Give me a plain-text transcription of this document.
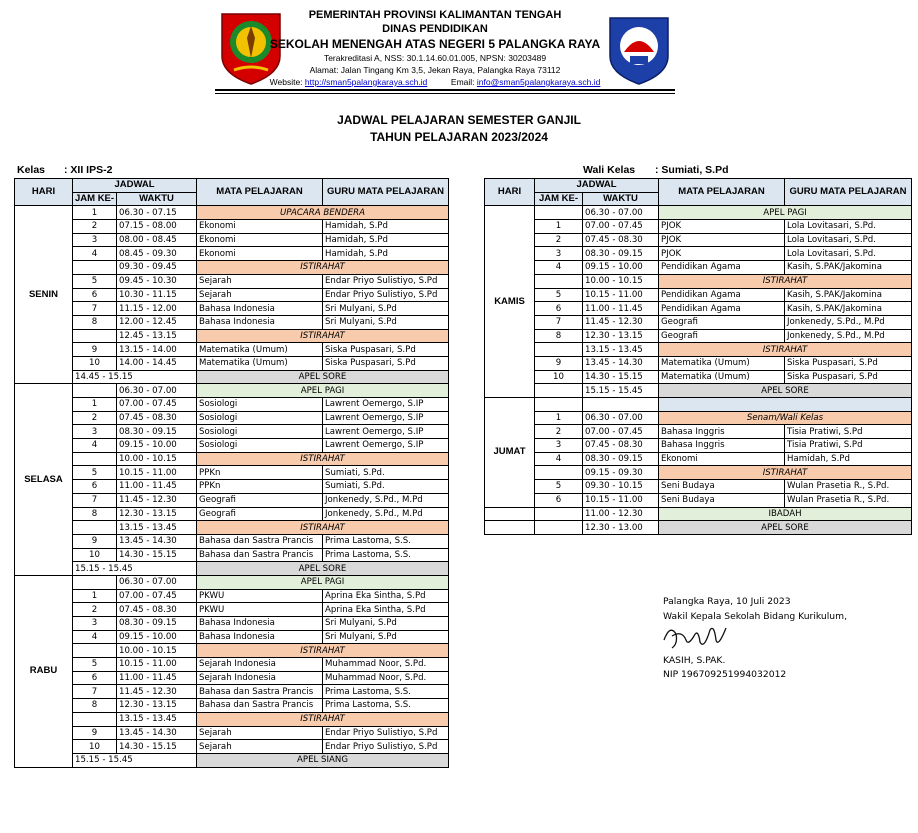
PEMERINTAH PROVINSI KALIMANTAN TENGAH
DINAS PENDIDIKAN
SEKOLAH MENENGAH ATAS NEGERI 5 PALANGKA RAYA
Terakreditasi A, NSS: 30.1.14.60.01.005, NPSN: 30203489
Alamat: Jalan Tingang Km 3,5, Jekan Raya, Palangka Raya 73112
Website: http://sman5palangkaraya.sch.id	Email: info@sman5palangkaraya.sch.id
JADWAL PELAJARAN SEMESTER GANJIL
TAHUN PELAJARAN 2023/2024
Kelas : XII IPS-2	Wali Kelas : Sumiati, S.Pd
HARI	JADWAL		MATA PELAJARAN	GURU MATA PELAJARAN
	JAM KE-	WAKTU		
SENIN	1	06.30 - 07.15	UPACARA BENDERA	
	2	07.15 - 08.00	Ekonomi	Hamidah, S.Pd
	3	08.00 - 08.45	Ekonomi	Hamidah, S.Pd
	4	08.45 - 09.30	Ekonomi	Hamidah, S.Pd
		09.30 - 09.45	ISTIRAHAT	
	5	09.45 - 10.30	Sejarah	Endar Priyo Sulistiyo, S.Pd
	6	10.30 - 11.15	Sejarah	Endar Priyo Sulistiyo, S.Pd
	7	11.15 - 12.00	Bahasa Indonesia	Sri Mulyani, S.Pd
	8	12.00 - 12.45	Bahasa Indonesia	Sri Mulyani, S.Pd
		12.45 - 13.15	ISTIRAHAT	
	9	13.15 - 14.00	Matematika (Umum)	Siska Puspasari, S.Pd
	10	14.00 - 14.45	Matematika (Umum)	Siska Puspasari, S.Pd
	14.45 - 15.15		APEL SORE	
SELASA		06.30 - 07.00	APEL PAGI	
	1	07.00 - 07.45	Sosiologi	Lawrent Oemergo, S.IP
	2	07.45 - 08.30	Sosiologi	Lawrent Oemergo, S.IP
	3	08.30 - 09.15	Sosiologi	Lawrent Oemergo, S.IP
	4	09.15 - 10.00	Sosiologi	Lawrent Oemergo, S.IP
		10.00 - 10.15	ISTIRAHAT	
	5	10.15 - 11.00	PPKn	Sumiati, S.Pd.
	6	11.00 - 11.45	PPKn	Sumiati, S.Pd.
	7	11.45 - 12.30	Geografi	Jonkenedy, S.Pd., M.Pd
	8	12.30 - 13.15	Geografi	Jonkenedy, S.Pd., M.Pd
		13.15 - 13.45	ISTIRAHAT	
	9	13.45 - 14.30	Bahasa dan Sastra Prancis	Prima Lastoma, S.S.
	10	14.30 - 15.15	Bahasa dan Sastra Prancis	Prima Lastoma, S.S.
	15.15 - 15.45		APEL SORE	
RABU		06.30 - 07.00	APEL PAGI	
	1	07.00 - 07.45	PKWU	Aprina Eka Sintha, S.Pd
	2	07.45 - 08.30	PKWU	Aprina Eka Sintha, S.Pd
	3	08.30 - 09.15	Bahasa Indonesia	Sri Mulyani, S.Pd
	4	09.15 - 10.00	Bahasa Indonesia	Sri Mulyani, S.Pd
		10.00 - 10.15	ISTIRAHAT	
	5	10.15 - 11.00	Sejarah Indonesia	Muhammad Noor, S.Pd.
	6	11.00 - 11.45	Sejarah Indonesia	Muhammad Noor, S.Pd.
	7	11.45 - 12.30	Bahasa dan Sastra Prancis	Prima Lastoma, S.S.
	8	12.30 - 13.15	Bahasa dan Sastra Prancis	Prima Lastoma, S.S.
		13.15 - 13.45	ISTIRAHAT	
	9	13.45 - 14.30	Sejarah	Endar Priyo Sulistiyo, S.Pd
	10	14.30 - 15.15	Sejarah	Endar Priyo Sulistiyo, S.Pd
	15.15 - 15.45		APEL SIANG	
HARI	JADWAL		MATA PELAJARAN	GURU MATA PELAJARAN
	JAM KE-	WAKTU		
KAMIS		06.30 - 07.00	APEL PAGI	
	1	07.00 - 07.45	PJOK	Lola Lovitasari, S.Pd.
	2	07.45 - 08.30	PJOK	Lola Lovitasari, S.Pd.
	3	08.30 - 09.15	PJOK	Lola Lovitasari, S.Pd.
	4	09.15 - 10.00	Pendidikan Agama	Kasih, S.PAK/Jakomina
		10.00 - 10.15	ISTIRAHAT	
	5	10.15 - 11.00	Pendidikan Agama	Kasih, S.PAK/Jakomina
	6	11.00 - 11.45	Pendidikan Agama	Kasih, S.PAK/Jakomina
	7	11.45 - 12.30	Geografi	Jonkenedy, S.Pd., M.Pd
	8	12.30 - 13.15	Geografi	Jonkenedy, S.Pd., M.Pd
		13.15 - 13.45	ISTIRAHAT	
	9	13.45 - 14.30	Matematika (Umum)	Siska Puspasari, S.Pd
	10	14.30 - 15.15	Matematika (Umum)	Siska Puspasari, S.Pd
		15.15 - 15.45	APEL SORE	
JUMAT				
	1	06.30 - 07.00	Senam/Wali Kelas	
	2	07.00 - 07.45	Bahasa Inggris	Tisia Pratiwi, S.Pd
	3	07.45 - 08.30	Bahasa Inggris	Tisia Pratiwi, S.Pd
	4	08.30 - 09.15	Ekonomi	Hamidah, S.Pd
		09.15 - 09.30	ISTIRAHAT	
	5	09.30 - 10.15	Seni Budaya	Wulan Prasetia R., S.Pd.
	6	10.15 - 11.00	Seni Budaya	Wulan Prasetia R., S.Pd.
		11.00 - 12.30	IBADAH	
		12.30 - 13.00	APEL SORE	
Palangka Raya, 10 Juli 2023
Wakil Kepala Sekolah Bidang Kurikulum,
KASIH, S.PAK.
NIP 196709251994032012
